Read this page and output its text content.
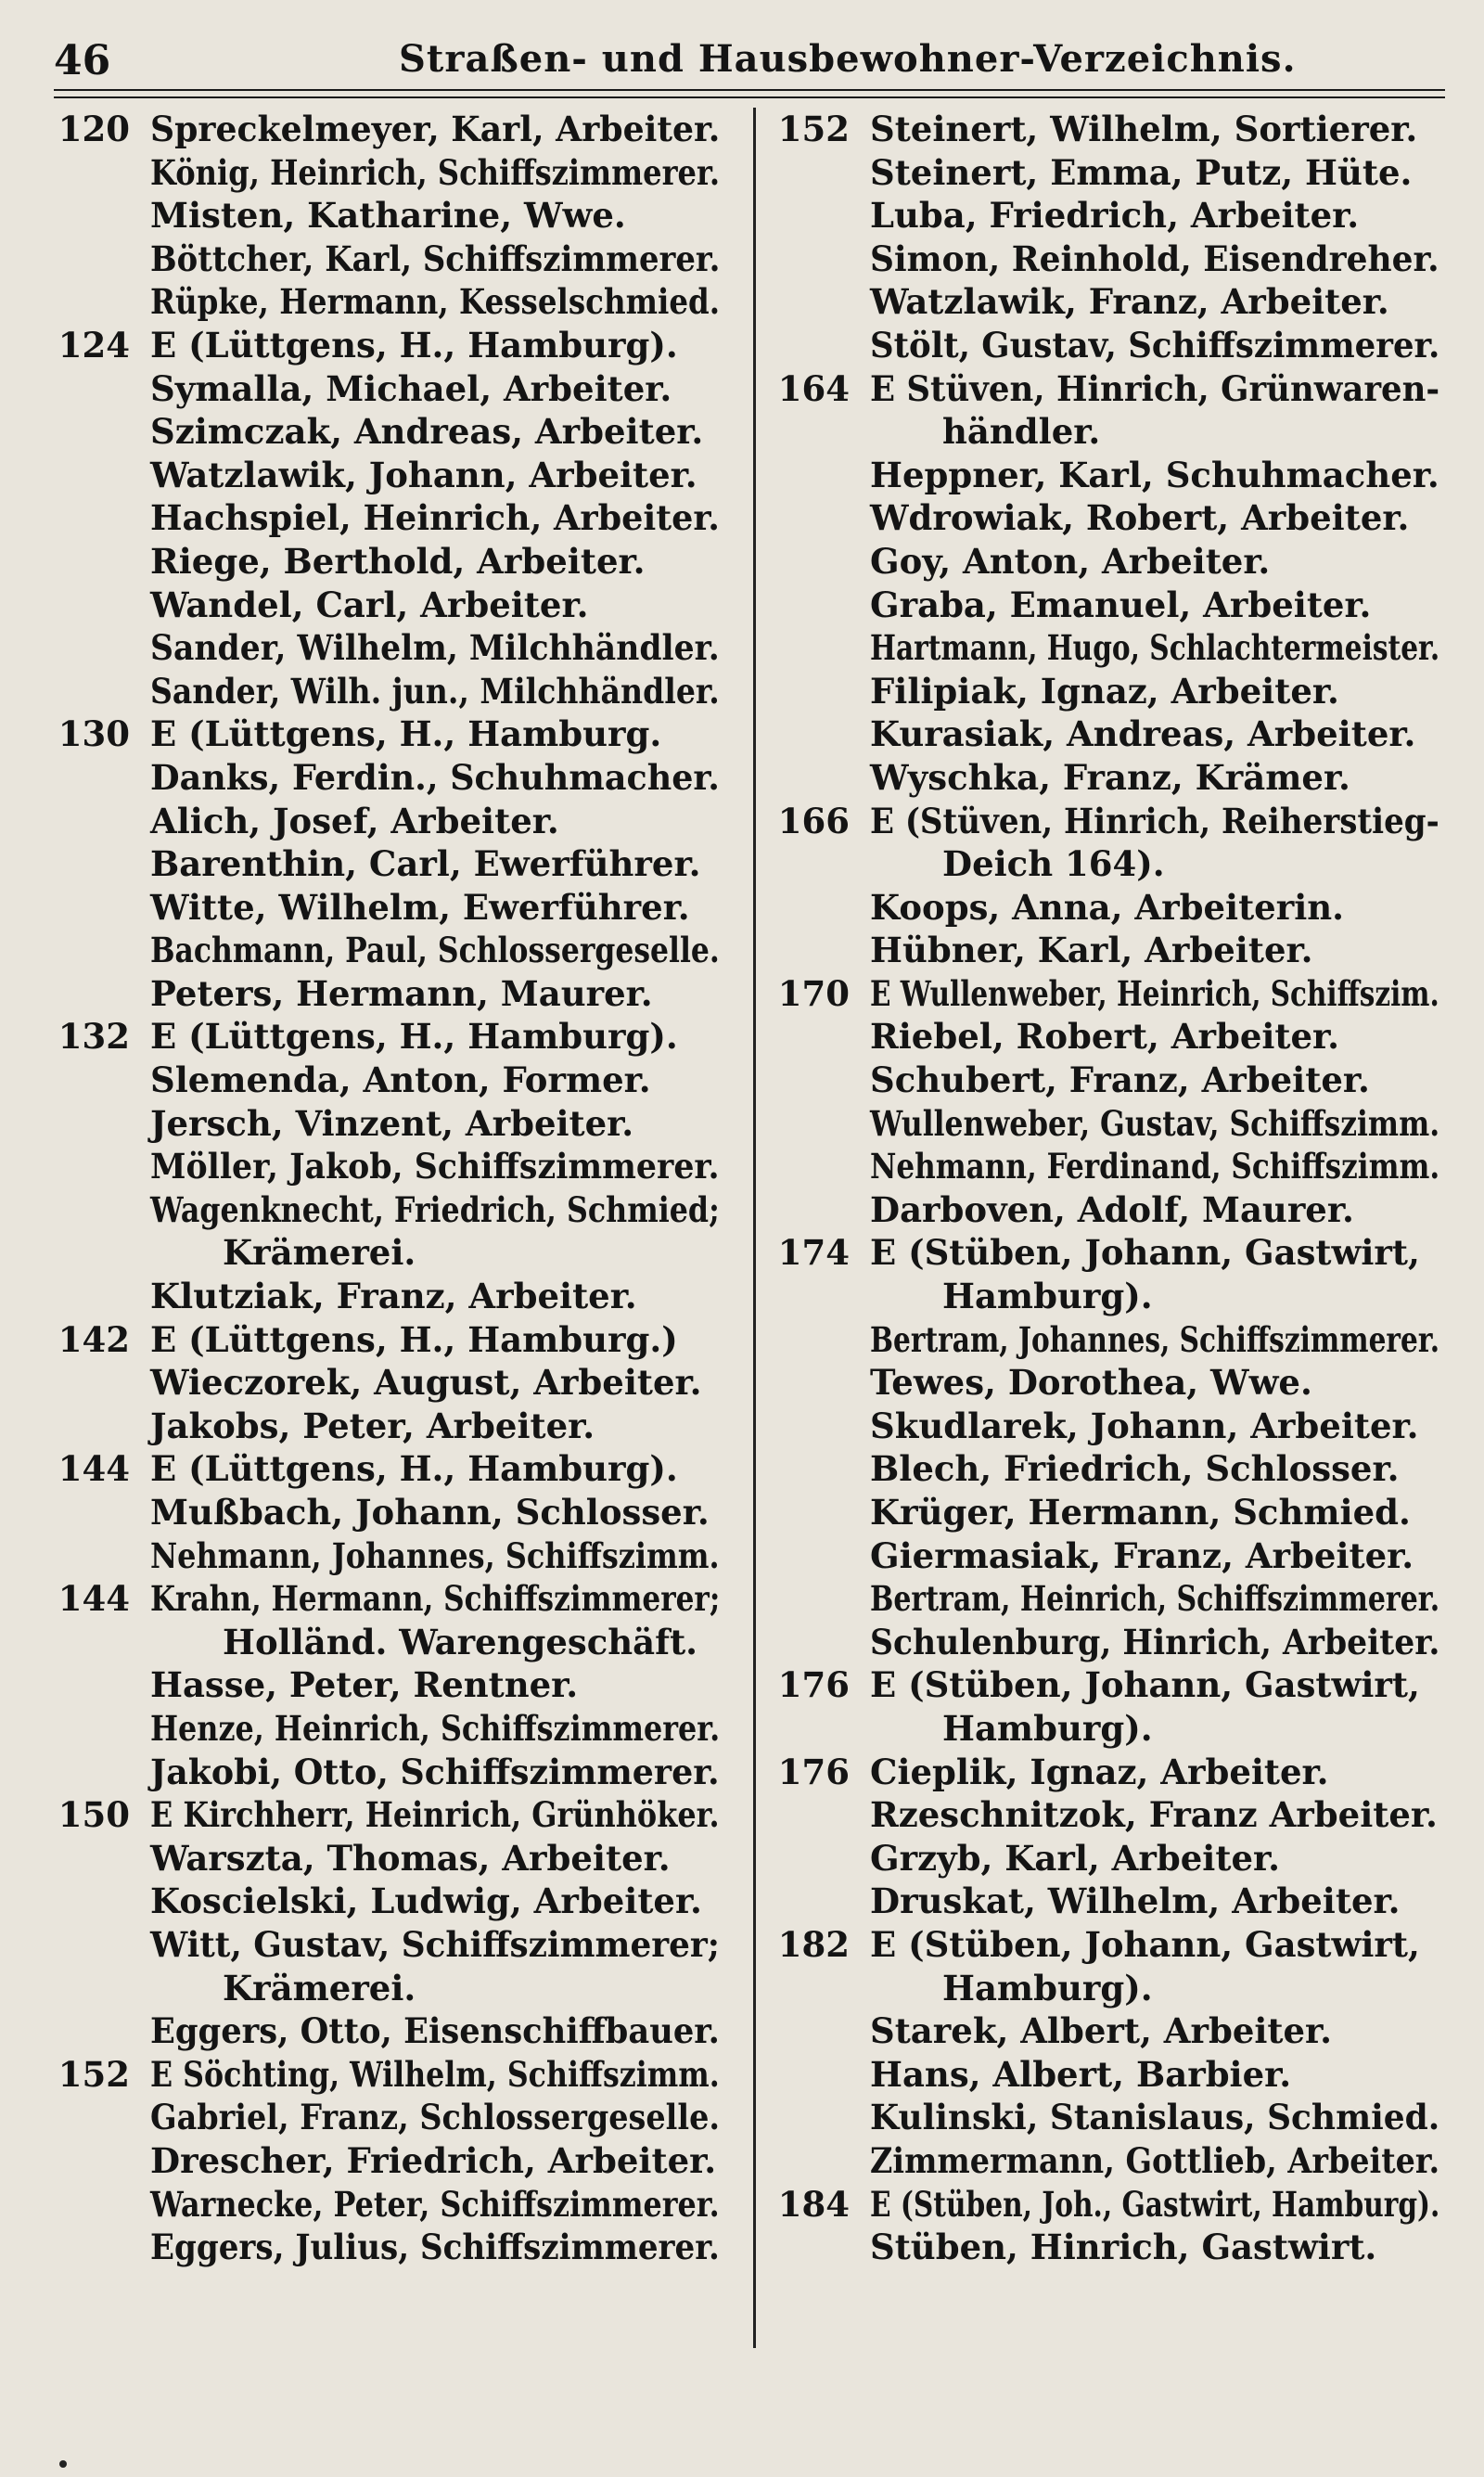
46	Straßen- und Hausbewohner-Verzeichnis.
120 Spreckelmeyer, Karl, Arbeiter.
König, Heinrich, Schiffszimmerer.
Misten, Katharine, Wwe.
Böttcher, Karl, Schiffszimmerer.
Rüpke, Hermann, Kesselschmied.
124 E (Lüttgens, H., Hamburg).
Symalla, Michael, Arbeiter.
Szimczak, Andreas, Arbeiter.
Watzlawik, Johann, Arbeiter.
Hachspiel, Heinrich, Arbeiter.
Riege, Berthold, Arbeiter.
Wandel, Carl, Arbeiter.
Sander, Wilhelm, Milchhändler.
Sander, Wilh. jun., Milchhändler.
130 E (Lüttgens, H., Hamburg.
Danks, Ferdin., Schuhmacher.
Alich, Josef, Arbeiter.
Barenthin, Carl, Ewerführer.
Witte, Wilhelm, Ewerführer.
Bachmann, Paul, Schlossergeselle.
Peters, Hermann, Maurer.
132 E (Lüttgens, H., Hamburg).
Slemenda, Anton, Former.
Jersch, Vinzent, Arbeiter.
Möller, Jakob, Schiffszimmerer.
Wagenknecht, Friedrich, Schmied;
Krämerei.
Klutziak, Franz, Arbeiter.
142 E (Lüttgens, H., Hamburg.)
Wieczorek, August, Arbeiter.
Jakobs, Peter, Arbeiter.
144 E (Lüttgens, H., Hamburg).
Mußbach, Johann, Schlosser.
Nehmann, Johannes, Schiffszimm.
144 Krahn, Hermann, Schiffszimmerer;
Holländ. Warengeschäft.
Hasse, Peter, Rentner.
Henze, Heinrich, Schiffszimmerer.
Jakobi, Otto, Schiffszimmerer.
150 E Kirchherr, Heinrich, Grünhöker.
Warszta, Thomas, Arbeiter.
Koscielski, Ludwig, Arbeiter.
Witt, Gustav, Schiffszimmerer;
Krämerei.
Eggers, Otto, Eisenschiffbauer.
152 E Söchting, Wilhelm, Schiffszimm.
Gabriel, Franz, Schlossergeselle.
Drescher, Friedrich, Arbeiter.
Warnecke, Peter, Schiffszimmerer.
Eggers, Julius, Schiffszimmerer.
152 Steinert, Wilhelm, Sortierer.
Steinert, Emma, Putz, Hüte.
Luba, Friedrich, Arbeiter.
Simon, Reinhold, Eisendreher.
Watzlawik, Franz, Arbeiter.
Stölt, Gustav, Schiffszimmerer.
164 E Stüven, Hinrich, Grünwaren-
händler.
Heppner, Karl, Schuhmacher.
Wdrowiak, Robert, Arbeiter.
Goy, Anton, Arbeiter.
Graba, Emanuel, Arbeiter.
Hartmann, Hugo, Schlachtermeister.
Filipiak, Ignaz, Arbeiter.
Kurasiak, Andreas, Arbeiter.
Wyschka, Franz, Krämer.
166 E (Stüven, Hinrich, Reiherstieg-
Deich 164).
Koops, Anna, Arbeiterin.
Hübner, Karl, Arbeiter.
170 E Wullenweber, Heinrich, Schiffszim.
Riebel, Robert, Arbeiter.
Schubert, Franz, Arbeiter.
Wullenweber, Gustav, Schiffszimm.
Nehmann, Ferdinand, Schiffszimm.
Darboven, Adolf, Maurer.
174 E (Stüben, Johann, Gastwirt,
Hamburg).
Bertram, Johannes, Schiffszimmerer.
Tewes, Dorothea, Wwe.
Skudlarek, Johann, Arbeiter.
Blech, Friedrich, Schlosser.
Krüger, Hermann, Schmied.
Giermasiak, Franz, Arbeiter.
Bertram, Heinrich, Schiffszimmerer.
Schulenburg, Hinrich, Arbeiter.
176 E (Stüben, Johann, Gastwirt,
Hamburg).
176 Cieplik, Ignaz, Arbeiter.
Rzeschnitzok, Franz Arbeiter.
Grzyb, Karl, Arbeiter.
Druskat, Wilhelm, Arbeiter.
182 E (Stüben, Johann, Gastwirt,
Hamburg).
Starek, Albert, Arbeiter.
Hans, Albert, Barbier.
Kulinski, Stanislaus, Schmied.
Zimmermann, Gottlieb, Arbeiter.
184 E (Stüben, Joh., Gastwirt, Hamburg).
Stüben, Hinrich, Gastwirt.
